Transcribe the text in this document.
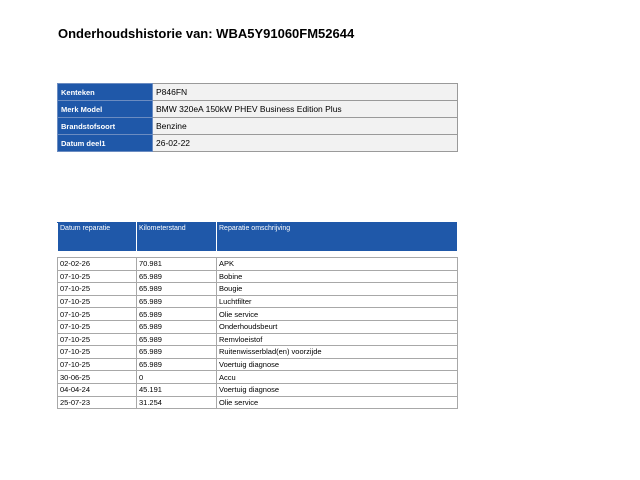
Onderhoudshistorie van: WBA5Y91060FM52644
Kenteken	P846FN
Merk Model	BMW 320eA 150kW PHEV Business Edition Plus
Brandstofsoort	Benzine
Datum deel1	26-02-22
Datum reparatie	Kilometerstand	Reparatie omschrijving

02-02-26	70.981	APK
07-10-25	65.989	Bobine
07-10-25	65.989	Bougie
07-10-25	65.989	Luchtfilter
07-10-25	65.989	Olie service
07-10-25	65.989	Onderhoudsbeurt
07-10-25	65.989	Remvloeistof
07-10-25	65.989	Ruitenwisserblad(en) voorzijde
07-10-25	65.989	Voertuig diagnose
30-06-25	0	Accu
04-04-24	45.191	Voertuig diagnose
25-07-23	31.254	Olie service
